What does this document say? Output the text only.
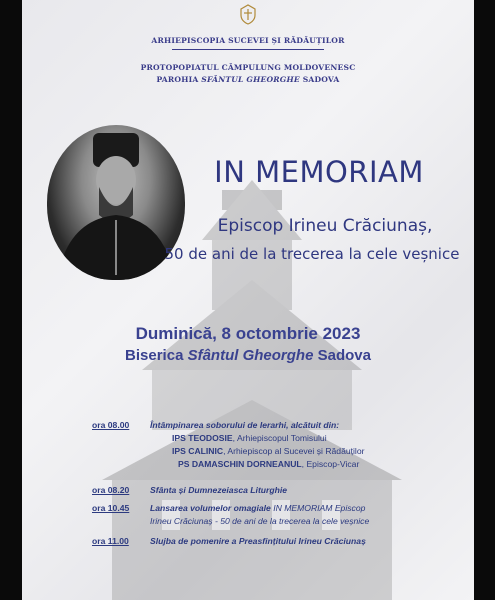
ARHIEPISCOPIA SUCEVEI ȘI RĂDĂUȚILOR
PROTOPOPIATUL CÂMPULUNG MOLDOVENESC
PAROHIA SFÂNTUL GHEORGHE SADOVA
IN MEMORIAM
Episcop Irineu Crăciunaș,
50 de ani de la trecerea la cele veșnice
Duminică, 8 octombrie 2023
Biserica Sfântul Gheorghe Sadova
ora 08.00	Întâmpinarea soborului de Ierarhi, alcătuit din:
IPS TEODOSIE, Arhiepiscopul Tomisului
IPS CALINIC, Arhiepiscop al Sucevei și Rădăuților
PS DAMASCHIN DORNEANUL, Episcop-Vicar
ora 08.20	Sfânta și Dumnezeiasca Liturghie
ora 10.45	Lansarea volumelor omagiale IN MEMORIAM Episcop
Irineu Crăciunaș - 50 de ani de la trecerea la cele veșnice
ora 11.00	Slujba de pomenire a Preasfințitului Irineu Crăciunaș
